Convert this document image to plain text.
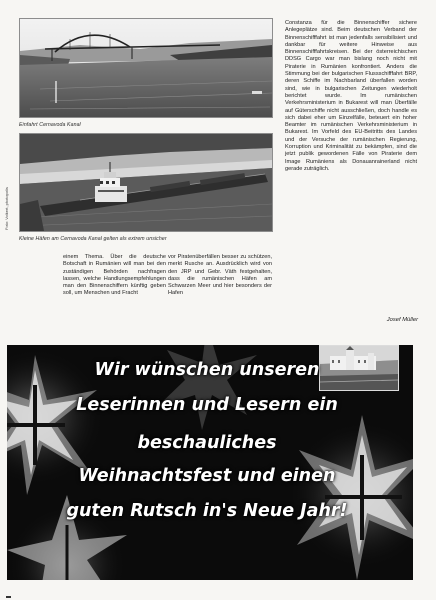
Einfahrt Cernavoda Kanal
Kleine Häfen am Cernavoda Kanal gelten als extrem unsicher
Foto: Volkert, photopolis

Constanza für die Binnenschiffer sichere Anlegeplätze sind. Beim deutschen Verband der Binnenschifffahrt ist man jedenfalls sensibilisiert und dankbar für weitere Hinweise aus Binnenschifffahrtskreisen. Bei der österreichischen DDSG Cargo war man bislang noch nicht mit Piraterie in Rumänien konfrontiert. Anders die Stimmung bei der bulgarischen Flussschifffahrt BRP, deren Schiffe im Nachbarland überfallen worden sind, wie in bulgarischen Zeitungen wiederholt berichtet wurde. Im rumänischen Verkehrsministerium in Bukarest will man Überfälle auf Güterschiffe nicht ausschließen, doch handle es sich dabei eher um Einzelfälle, beteuert ein hoher Beamter im rumänischen Verkehrsministerium in Bukarest. Im Vorfeld des EU-Beitritts des Landes und der Versuche der rumänischen Regierung, Korruption und Kriminalität zu bekämpfen, sind die jetzt publik gewordenen Fälle von Piraterie dem Image Rumäniens als Donauanrainerland nicht gerade zuträglich.

einem Thema. Über die deutsche Botschaft in Rumänien will man bei den zuständigen Behörden nachfragen lassen, welche Handlungsempfehlungen man den Binnenschiffern künftig geben soll, um Menschen und Fracht

vor Piratenüberfällen besser zu schützen, merkt Rusche an. Ausdrücklich wird von den JRP und Gebr. Väth festgehalten, dass die rumänischen Häfen am Schwarzen Meer und hier besonders der Hafen

Josef Müller
Wir wünschen unseren
Leserinnen und Lesern ein
beschauliches
Weihnachtsfest und einen
guten Rutsch in's Neue Jahr!
